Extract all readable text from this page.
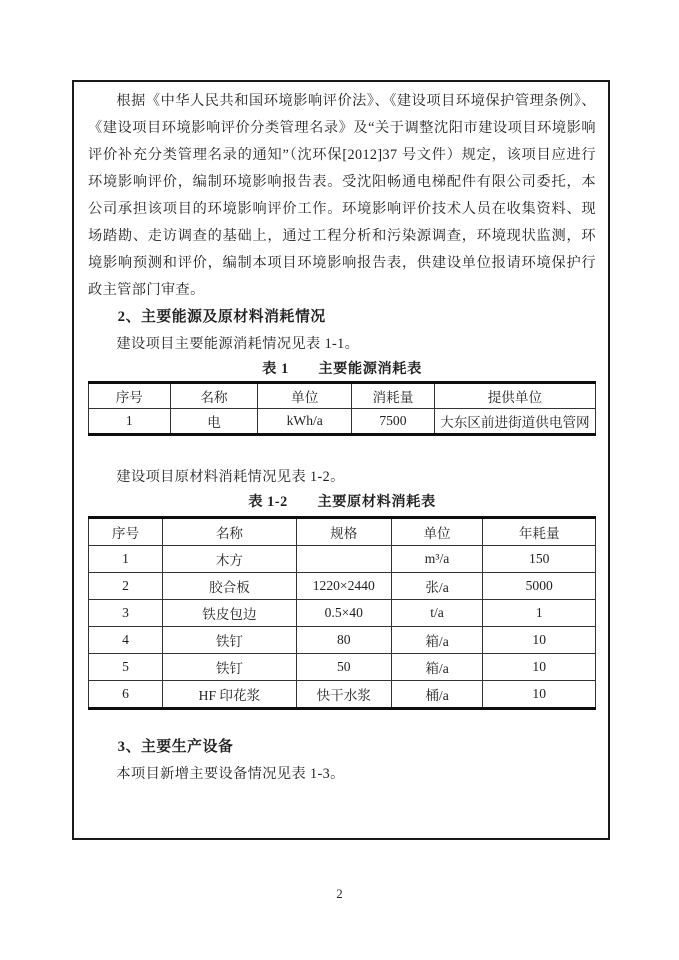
根据《中华人民共和国环境影响评价法》、《建设项目环境保护管理条例》、《建设项目环境影响评价分类管理名录》及“关于调整沈阳市建设项目环境影响评价补充分类管理名录的通知”（沈环保[2012]37 号文件）规定，该项目应进行环境影响评价，编制环境影响报告表。受沈阳畅通电梯配件有限公司委托，本公司承担该项目的环境影响评价工作。环境影响评价技术人员在收集资料、现场踏勘、走访调查的基础上，通过工程分析和污染源调查，环境现状监测，环境影响预测和评价，编制本项目环境影响报告表，供建设单位报请环境保护行政主管部门审查。

2、主要能源及原材料消耗情况

建设项目主要能源消耗情况见表 1-1。

表 1　　主要能源消耗表

序号	名称	单位	消耗量	提供单位
1	电	kWh/a	7500	大东区前进街道供电管网

建设项目原材料消耗情况见表 1-2。

表 1-2　　主要原材料消耗表

序号	名称	规格	单位	年耗量
1	木方		m³/a	150
2	胶合板	1220×2440	张/a	5000
3	铁皮包边	0.5×40	t/a	1
4	铁钉	80	箱/a	10
5	铁钉	50	箱/a	10
6	HF 印花浆	快干水浆	桶/a	10

3、主要生产设备

本项目新增主要设备情况见表 1-3。

2
